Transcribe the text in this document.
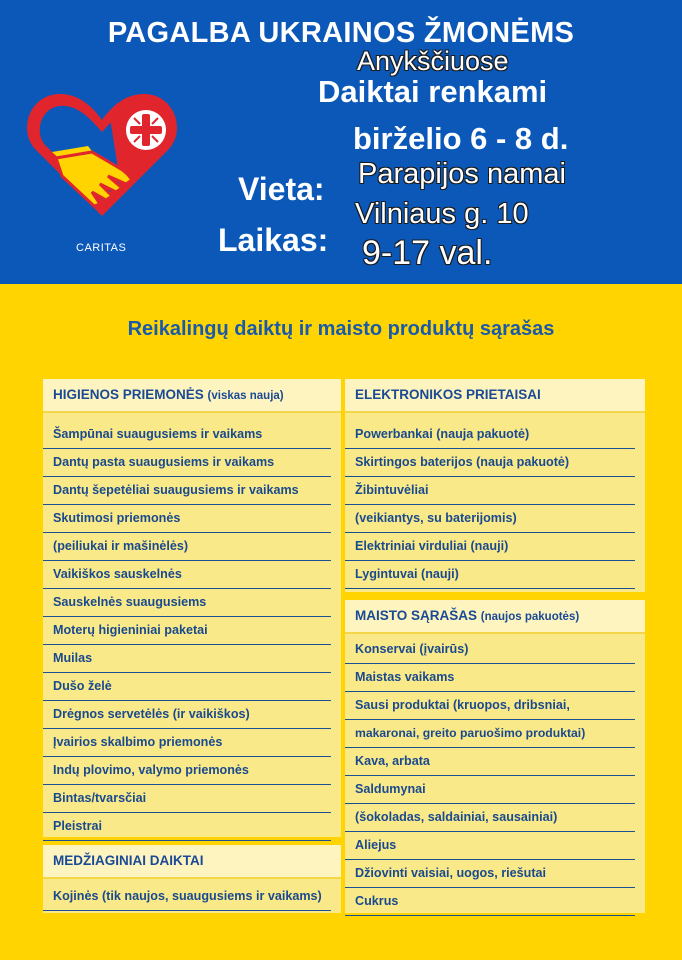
PAGALBA UKRAINOS ŽMONĖMS
Anykščiuose
Daiktai renkami
birželio 6 - 8 d.
Vieta: Parapijos namai
Vilniaus g. 10
Laikas: 9-17 val.
CARITAS
Reikalingų daiktų ir maisto produktų sąrašas
HIGIENOS PRIEMONĖS (viskas nauja)
Šampūnai suaugusiems ir vaikams
Dantų pasta suaugusiems ir vaikams
Dantų šepetėliai suaugusiems ir vaikams
Skutimosi priemonės
(peiliukai ir mašinėlės)
Vaikiškos sauskelnės
Sauskelnės suaugusiems
Moterų higieniniai paketai
Muilas
Dušo želė
Drėgnos servetėlės (ir vaikiškos)
Įvairios skalbimo priemonės
Indų plovimo, valymo priemonės
Bintas/tvarsčiai
Pleistrai
MEDŽIAGINIAI DAIKTAI
Kojinės (tik naujos, suaugusiems ir vaikams)
ELEKTRONIKOS PRIETAISAI
Powerbankai (nauja pakuotė)
Skirtingos baterijos (nauja pakuotė)
Žibintuvėliai
(veikiantys, su baterijomis)
Elektriniai virduliai (nauji)
Lygintuvai (nauji)
MAISTO SĄRAŠAS (naujos pakuotės)
Konservai (įvairūs)
Maistas vaikams
Sausi produktai (kruopos, dribsniai,
makaronai, greito paruošimo produktai)
Kava, arbata
Saldumynai
(šokoladas, saldainiai, sausainiai)
Aliejus
Džiovinti vaisiai, uogos, riešutai
Cukrus
